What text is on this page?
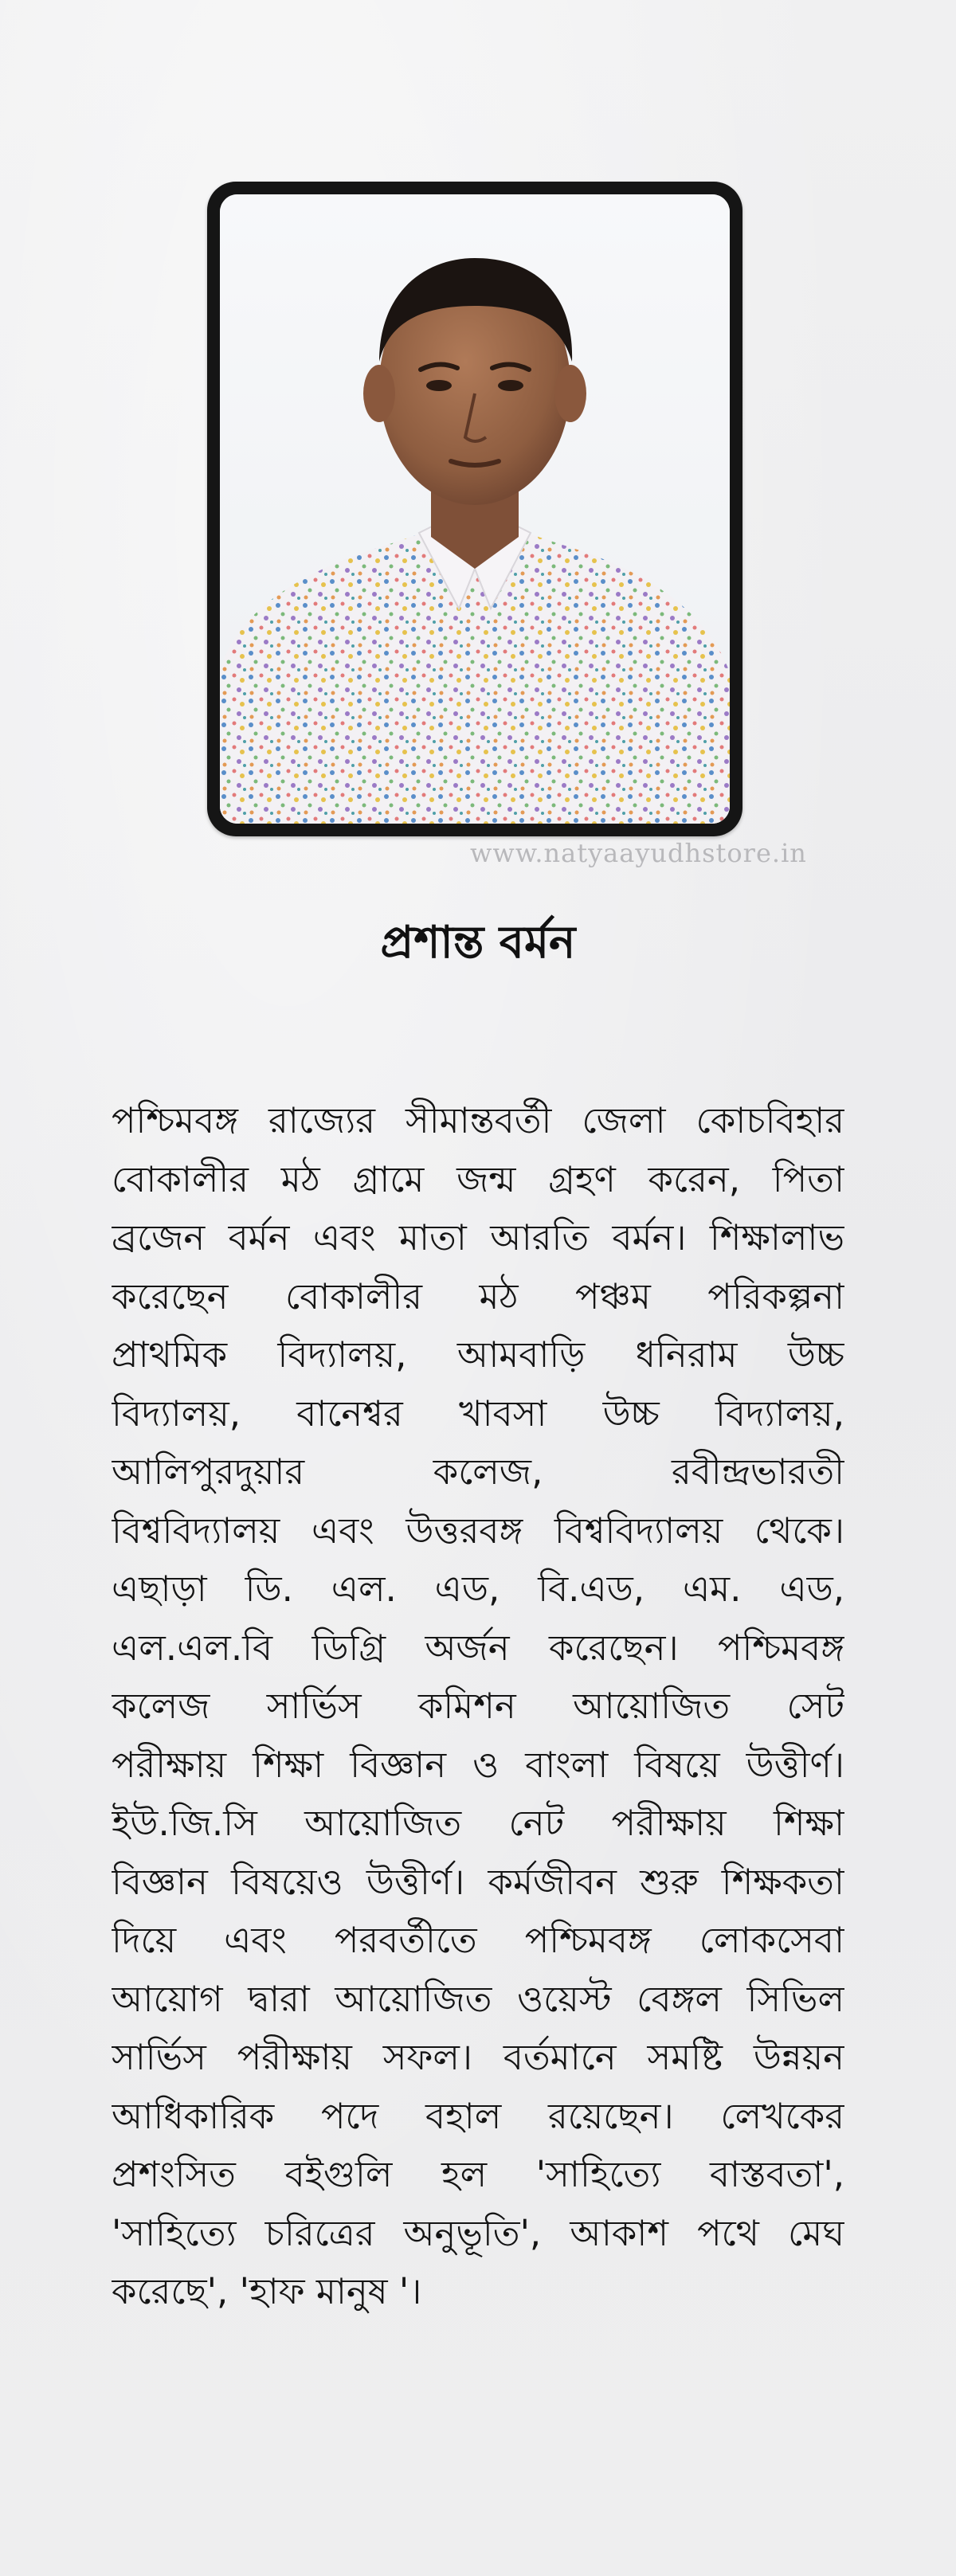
www.natyaayudhstore.in
প্রশান্ত বর্মন
পশ্চিমবঙ্গ রাজ্যের সীমান্তবর্তী জেলা কোচবিহার
বোকালীর মঠ গ্রামে জন্ম গ্রহণ করেন, পিতা
ব্রজেন বর্মন এবং মাতা আরতি বর্মন। শিক্ষালাভ
করেছেন বোকালীর মঠ পঞ্চম পরিকল্পনা
প্রাথমিক বিদ্যালয়, আমবাড়ি ধনিরাম উচ্চ
বিদ্যালয়, বানেশ্বর খাবসা উচ্চ বিদ্যালয়,
আলিপুরদুয়ার কলেজ, রবীন্দ্রভারতী
বিশ্ববিদ্যালয় এবং উত্তরবঙ্গ বিশ্ববিদ্যালয় থেকে।
এছাড়া ডি. এল. এড, বি.এড, এম. এড,
এল.এল.বি ডিগ্রি অর্জন করেছেন। পশ্চিমবঙ্গ
কলেজ সার্ভিস কমিশন আয়োজিত সেট
পরীক্ষায় শিক্ষা বিজ্ঞান ও বাংলা বিষয়ে উত্তীর্ণ।
ইউ.জি.সি আয়োজিত নেট পরীক্ষায় শিক্ষা
বিজ্ঞান বিষয়েও উত্তীর্ণ। কর্মজীবন শুরু শিক্ষকতা
দিয়ে এবং পরবর্তীতে পশ্চিমবঙ্গ লোকসেবা
আয়োগ দ্বারা আয়োজিত ওয়েস্ট বেঙ্গল সিভিল
সার্ভিস পরীক্ষায় সফল। বর্তমানে সমষ্টি উন্নয়ন
আধিকারিক পদে বহাল রয়েছেন। লেখকের
প্রশংসিত বইগুলি হল 'সাহিত্যে বাস্তবতা',
'সাহিত্যে চরিত্রের অনুভূতি', আকাশ পথে মেঘ
করেছে', 'হাফ মানুষ '।
